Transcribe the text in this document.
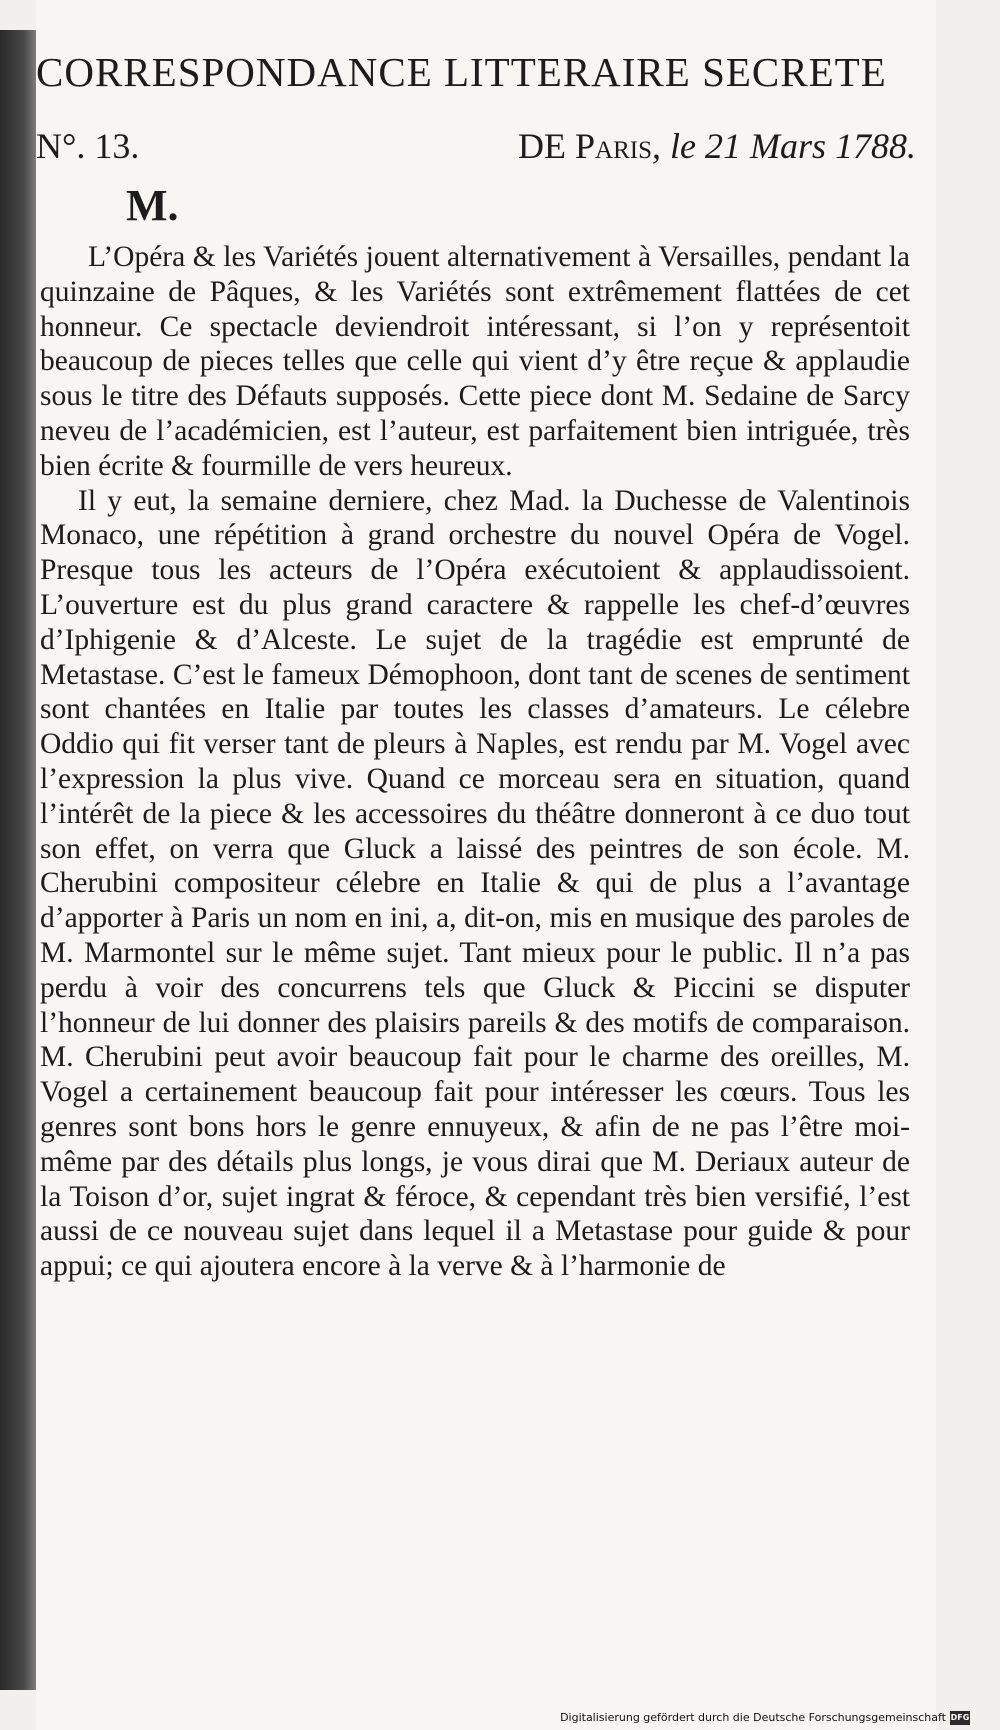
CORRESPONDANCE LITTERAIRE SECRETE
N°. 13.	DE Paris, le 21 Mars 1788.
M.

L’Opéra & les Variétés jouent alternativement à Versailles, pendant la quinzaine de Pâques, & les Variétés sont extrêmement flattées de cet honneur. Ce spectacle deviendroit intéressant, si l’on y représentoit beaucoup de pieces telles que celle qui vient d’y être reçue & applaudie sous le titre des Défauts supposés. Cette piece dont M. Sedaine de Sarcy neveu de l’académicien, est l’auteur, est parfaitement bien intriguée, très bien écrite & fourmille de vers heureux.

Il y eut, la semaine derniere, chez Mad. la Duchesse de Valentinois Monaco, une répétition à grand orchestre du nouvel Opéra de Vogel. Presque tous les acteurs de l’Opéra exécutoient & applaudissoient. L’ouverture est du plus grand caractere & rappelle les chef-d’œuvres d’Iphigenie & d’Alceste. Le sujet de la tragédie est emprunté de Metastase. C’est le fameux Démophoon, dont tant de scenes de sentiment sont chantées en Italie par toutes les classes d’amateurs. Le célebre Oddio qui fit verser tant de pleurs à Naples, est rendu par M. Vogel avec l’expression la plus vive. Quand ce morceau sera en situation, quand l’intérêt de la piece & les accessoires du théâtre donneront à ce duo tout son effet, on verra que Gluck a laissé des peintres de son école. M. Cherubini compositeur célebre en Italie & qui de plus a l’avantage d’apporter à Paris un nom en ini, a, dit-on, mis en musique des paroles de M. Marmontel sur le même sujet. Tant mieux pour le public. Il n’a pas perdu à voir des concurrens tels que Gluck & Piccini se disputer l’honneur de lui donner des plaisirs pareils & des motifs de comparaison. M. Cherubini peut avoir beaucoup fait pour le charme des oreilles, M. Vogel a certainement beaucoup fait pour intéresser les cœurs. Tous les genres sont bons hors le genre ennuyeux, & afin de ne pas l’être moi-même par des détails plus longs, je vous dirai que M. Deriaux auteur de la Toison d’or, sujet ingrat & féroce, & cependant très bien versifié, l’est aussi de ce nouveau sujet dans lequel il a Metastase pour guide & pour appui; ce qui ajoutera encore à la verve & à l’harmonie de

Digitalisierung gefördert durch die Deutsche Forschungsgemeinschaft DFG
